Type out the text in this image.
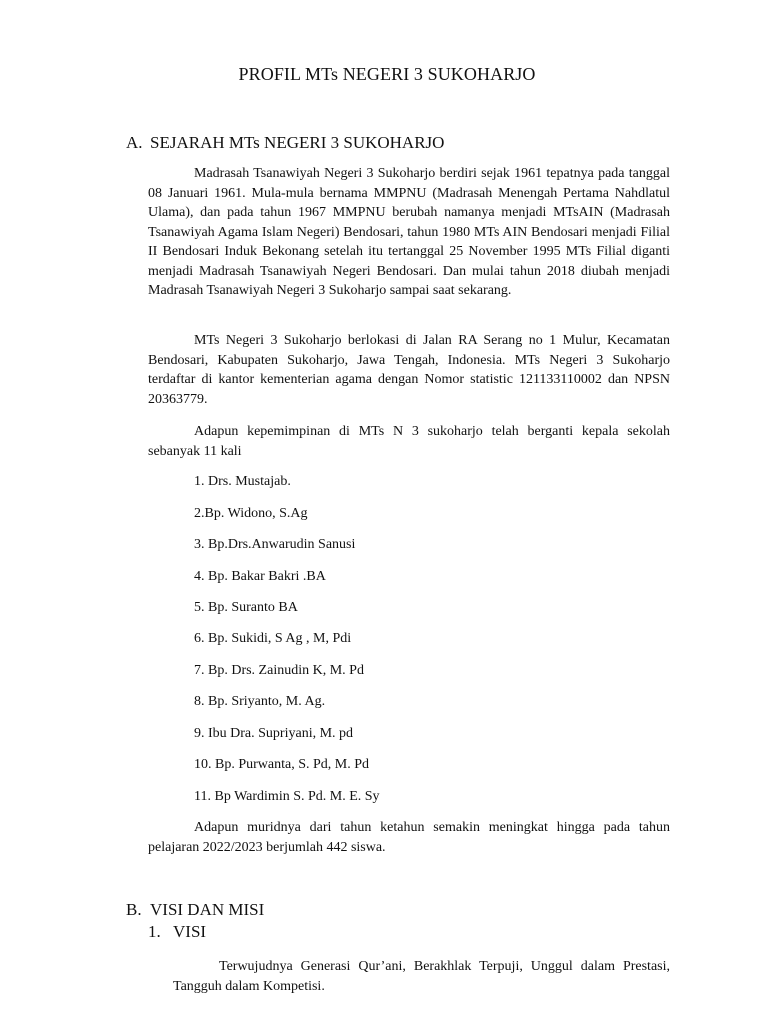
PROFIL MTs NEGERI 3 SUKOHARJO
A. SEJARAH MTs NEGERI 3 SUKOHARJO

Madrasah Tsanawiyah Negeri 3 Sukoharjo berdiri sejak 1961 tepatnya pada tanggal 08 Januari 1961. Mula-mula bernama MMPNU (Madrasah Menengah Pertama Nahdlatul Ulama), dan pada tahun 1967 MMPNU berubah namanya menjadi MTsAIN (Madrasah Tsanawiyah Agama Islam Negeri) Bendosari, tahun 1980 MTs AIN Bendosari menjadi Filial II Bendosari Induk Bekonang setelah itu tertanggal 25 November 1995 MTs Filial diganti menjadi Madrasah Tsanawiyah Negeri Bendosari. Dan mulai tahun 2018 diubah menjadi Madrasah Tsanawiyah Negeri 3 Sukoharjo sampai saat sekarang.

MTs Negeri 3 Sukoharjo berlokasi di Jalan RA Serang no 1 Mulur, Kecamatan Bendosari, Kabupaten Sukoharjo, Jawa Tengah, Indonesia. MTs Negeri 3 Sukoharjo terdaftar di kantor kementerian agama dengan Nomor statistic 121133110002 dan NPSN 20363779.

Adapun kepemimpinan di MTs N 3 sukoharjo telah berganti kepala sekolah sebanyak 11 kali

1. Drs. Mustajab.
2.Bp. Widono, S.Ag
3. Bp.Drs.Anwarudin Sanusi
4. Bp. Bakar Bakri .BA
5. Bp. Suranto BA
6. Bp. Sukidi, S Ag , M, Pdi
7. Bp. Drs. Zainudin K, M. Pd
8. Bp. Sriyanto, M. Ag.
9. Ibu Dra. Supriyani, M. pd
10. Bp. Purwanta, S. Pd, M. Pd
11. Bp Wardimin S. Pd. M. E. Sy

Adapun muridnya dari tahun ketahun semakin meningkat hingga pada tahun pelajaran 2022/2023 berjumlah 442 siswa.

B. VISI DAN MISI
1. VISI

Terwujudnya Generasi Qur’ani, Berakhlak Terpuji, Unggul dalam Prestasi, Tangguh dalam Kompetisi.
